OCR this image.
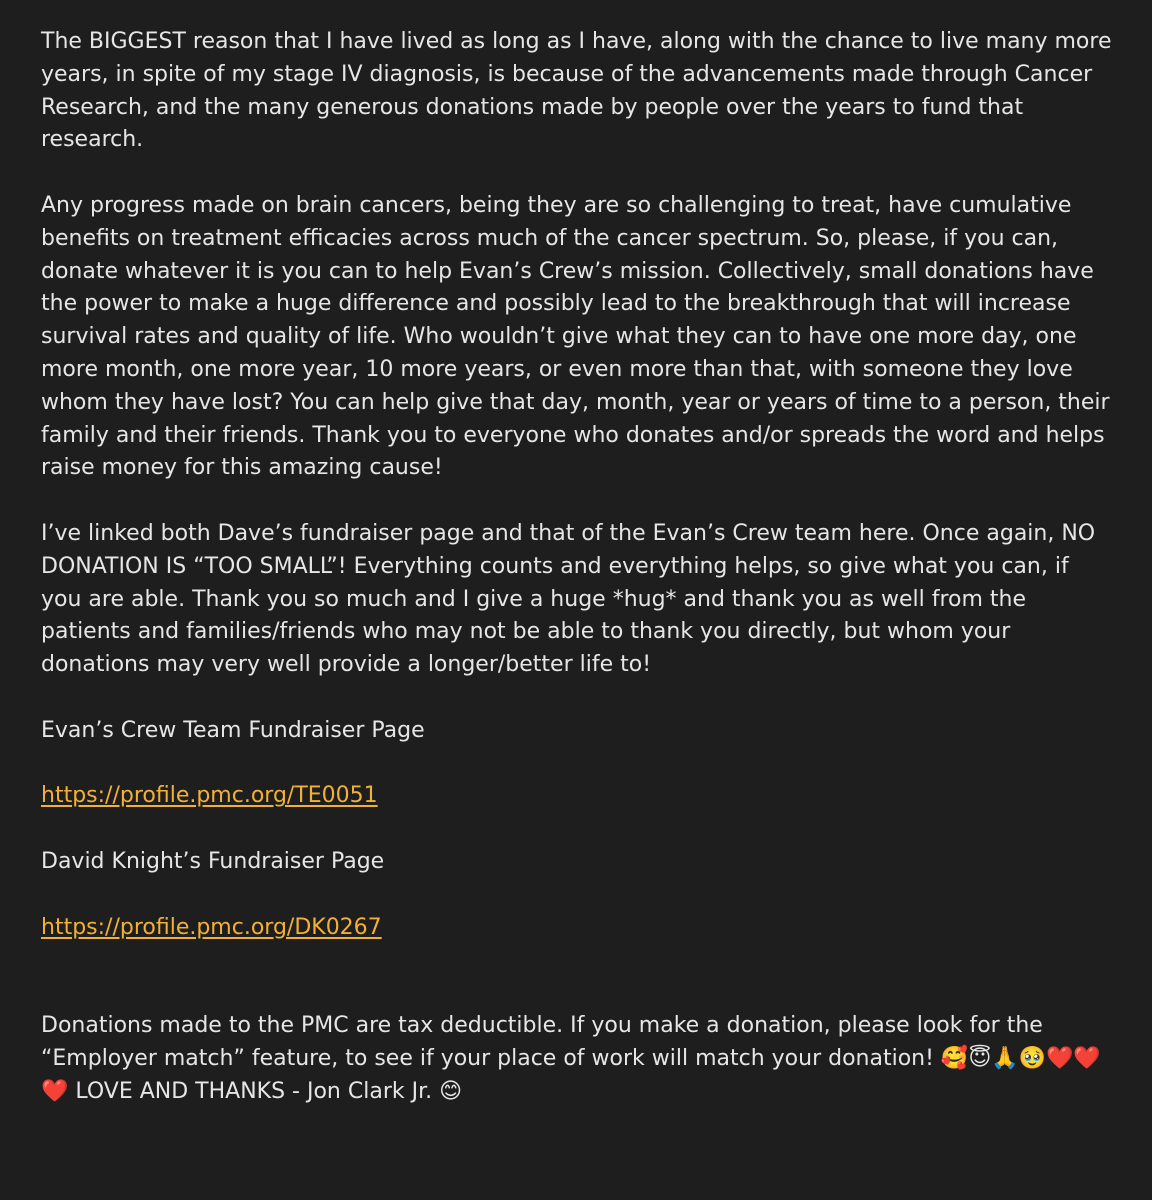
The BIGGEST reason that I have lived as long as I have, along with the chance to live many more years, in spite of my stage IV diagnosis, is because of the advancements made through Cancer Research, and the many generous donations made by people over the years to fund that research.

Any progress made on brain cancers, being they are so challenging to treat, have cumulative benefits on treatment efficacies across much of the cancer spectrum. So, please, if you can, donate whatever it is you can to help Evan’s Crew’s mission. Collectively, small donations have the power to make a huge difference and possibly lead to the breakthrough that will increase survival rates and quality of life. Who wouldn’t give what they can to have one more day, one more month, one more year, 10 more years, or even more than that, with someone they love whom they have lost? You can help give that day, month, year or years of time to a person, their family and their friends. Thank you to everyone who donates and/or spreads the word and helps raise money for this amazing cause!

I’ve linked both Dave’s fundraiser page and that of the Evan’s Crew team here. Once again, NO DONATION IS “TOO SMALL”! Everything counts and everything helps, so give what you can, if you are able. Thank you so much and I give a huge *hug* and thank you as well from the patients and families/friends who may not be able to thank you directly, but whom your donations may very well provide a longer/better life to!

Evan’s Crew Team Fundraiser Page

https://profile.pmc.org/TE0051

David Knight’s Fundraiser Page

https://profile.pmc.org/DK0267

Donations made to the PMC are tax deductible. If you make a donation, please look for the “Employer match” feature, to see if your place of work will match your donation! 🥰😇🙏🥹❤️❤️❤️ LOVE AND THANKS - Jon Clark Jr. 😊
